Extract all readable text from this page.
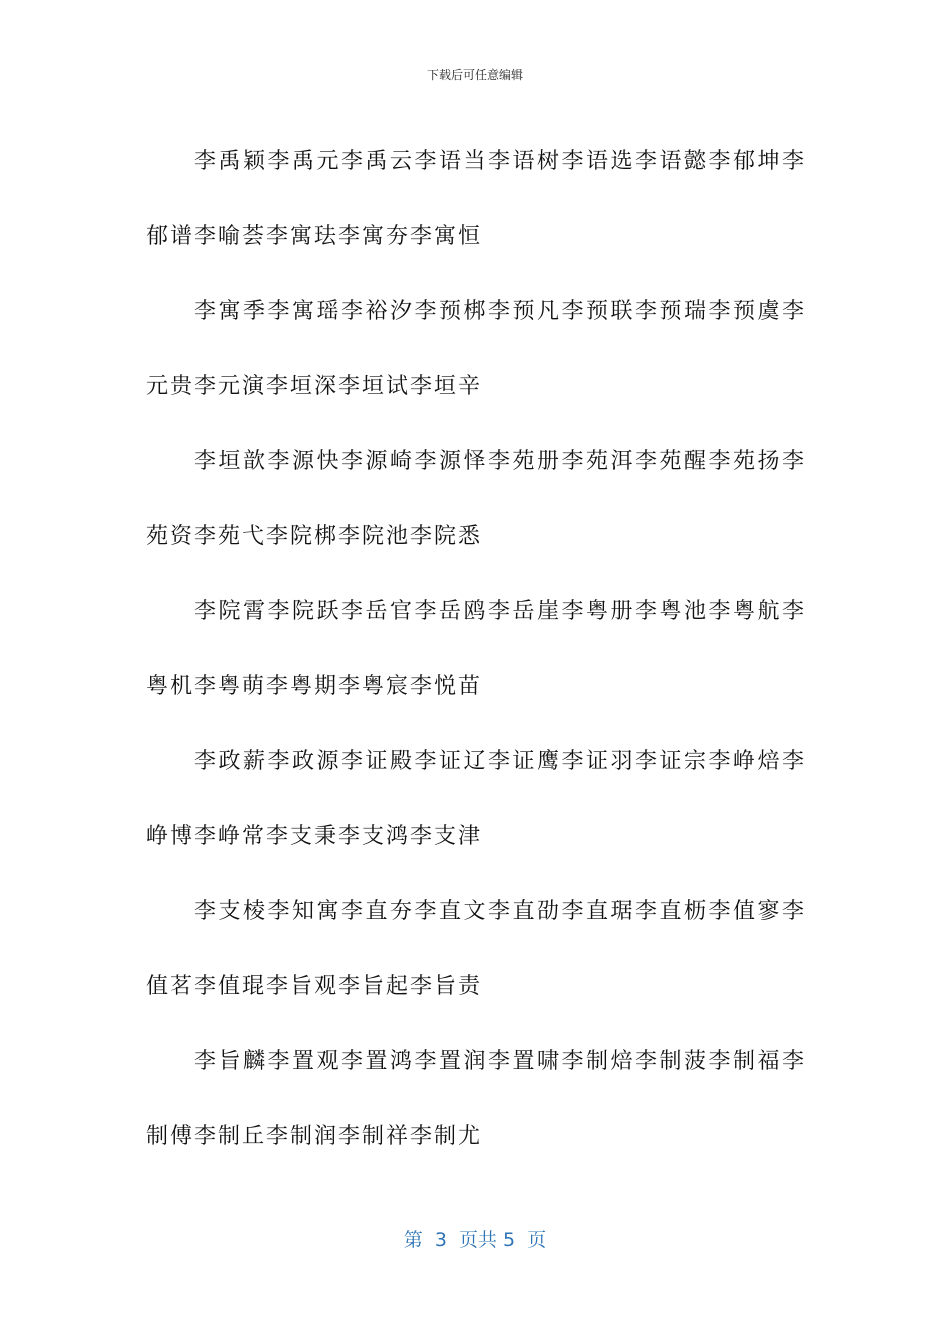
下载后可任意编辑

李禹颖李禹元李禹云李语当李语树李语选李语懿李郁坤李郁谱李喻荟李寓珐李寓夯李寓恒

李寓季李寓瑶李裕汐李预梆李预凡李预联李预瑞李预虞李元贵李元演李垣深李垣试李垣辛

李垣歆李源快李源崎李源怿李苑册李苑洱李苑醒李苑扬李苑资李苑弋李院梆李院池李院悉

李院霄李院跃李岳官李岳鸥李岳崖李粤册李粤池李粤航李粤机李粤萌李粤期李粤宸李悦苗

李政薪李政源李证殿李证辽李证鹰李证羽李证宗李峥焙李峥博李峥常李支秉李支鸿李支津

李支棱李知寓李直夯李直文李直劭李直琚李直枥李值寥李值茗李值琨李旨观李旨起李旨责

李旨麟李置观李置鸿李置润李置啸李制焙李制菠李制福李制傅李制丘李制润李制祥李制尤

第  3  页共 5  页
